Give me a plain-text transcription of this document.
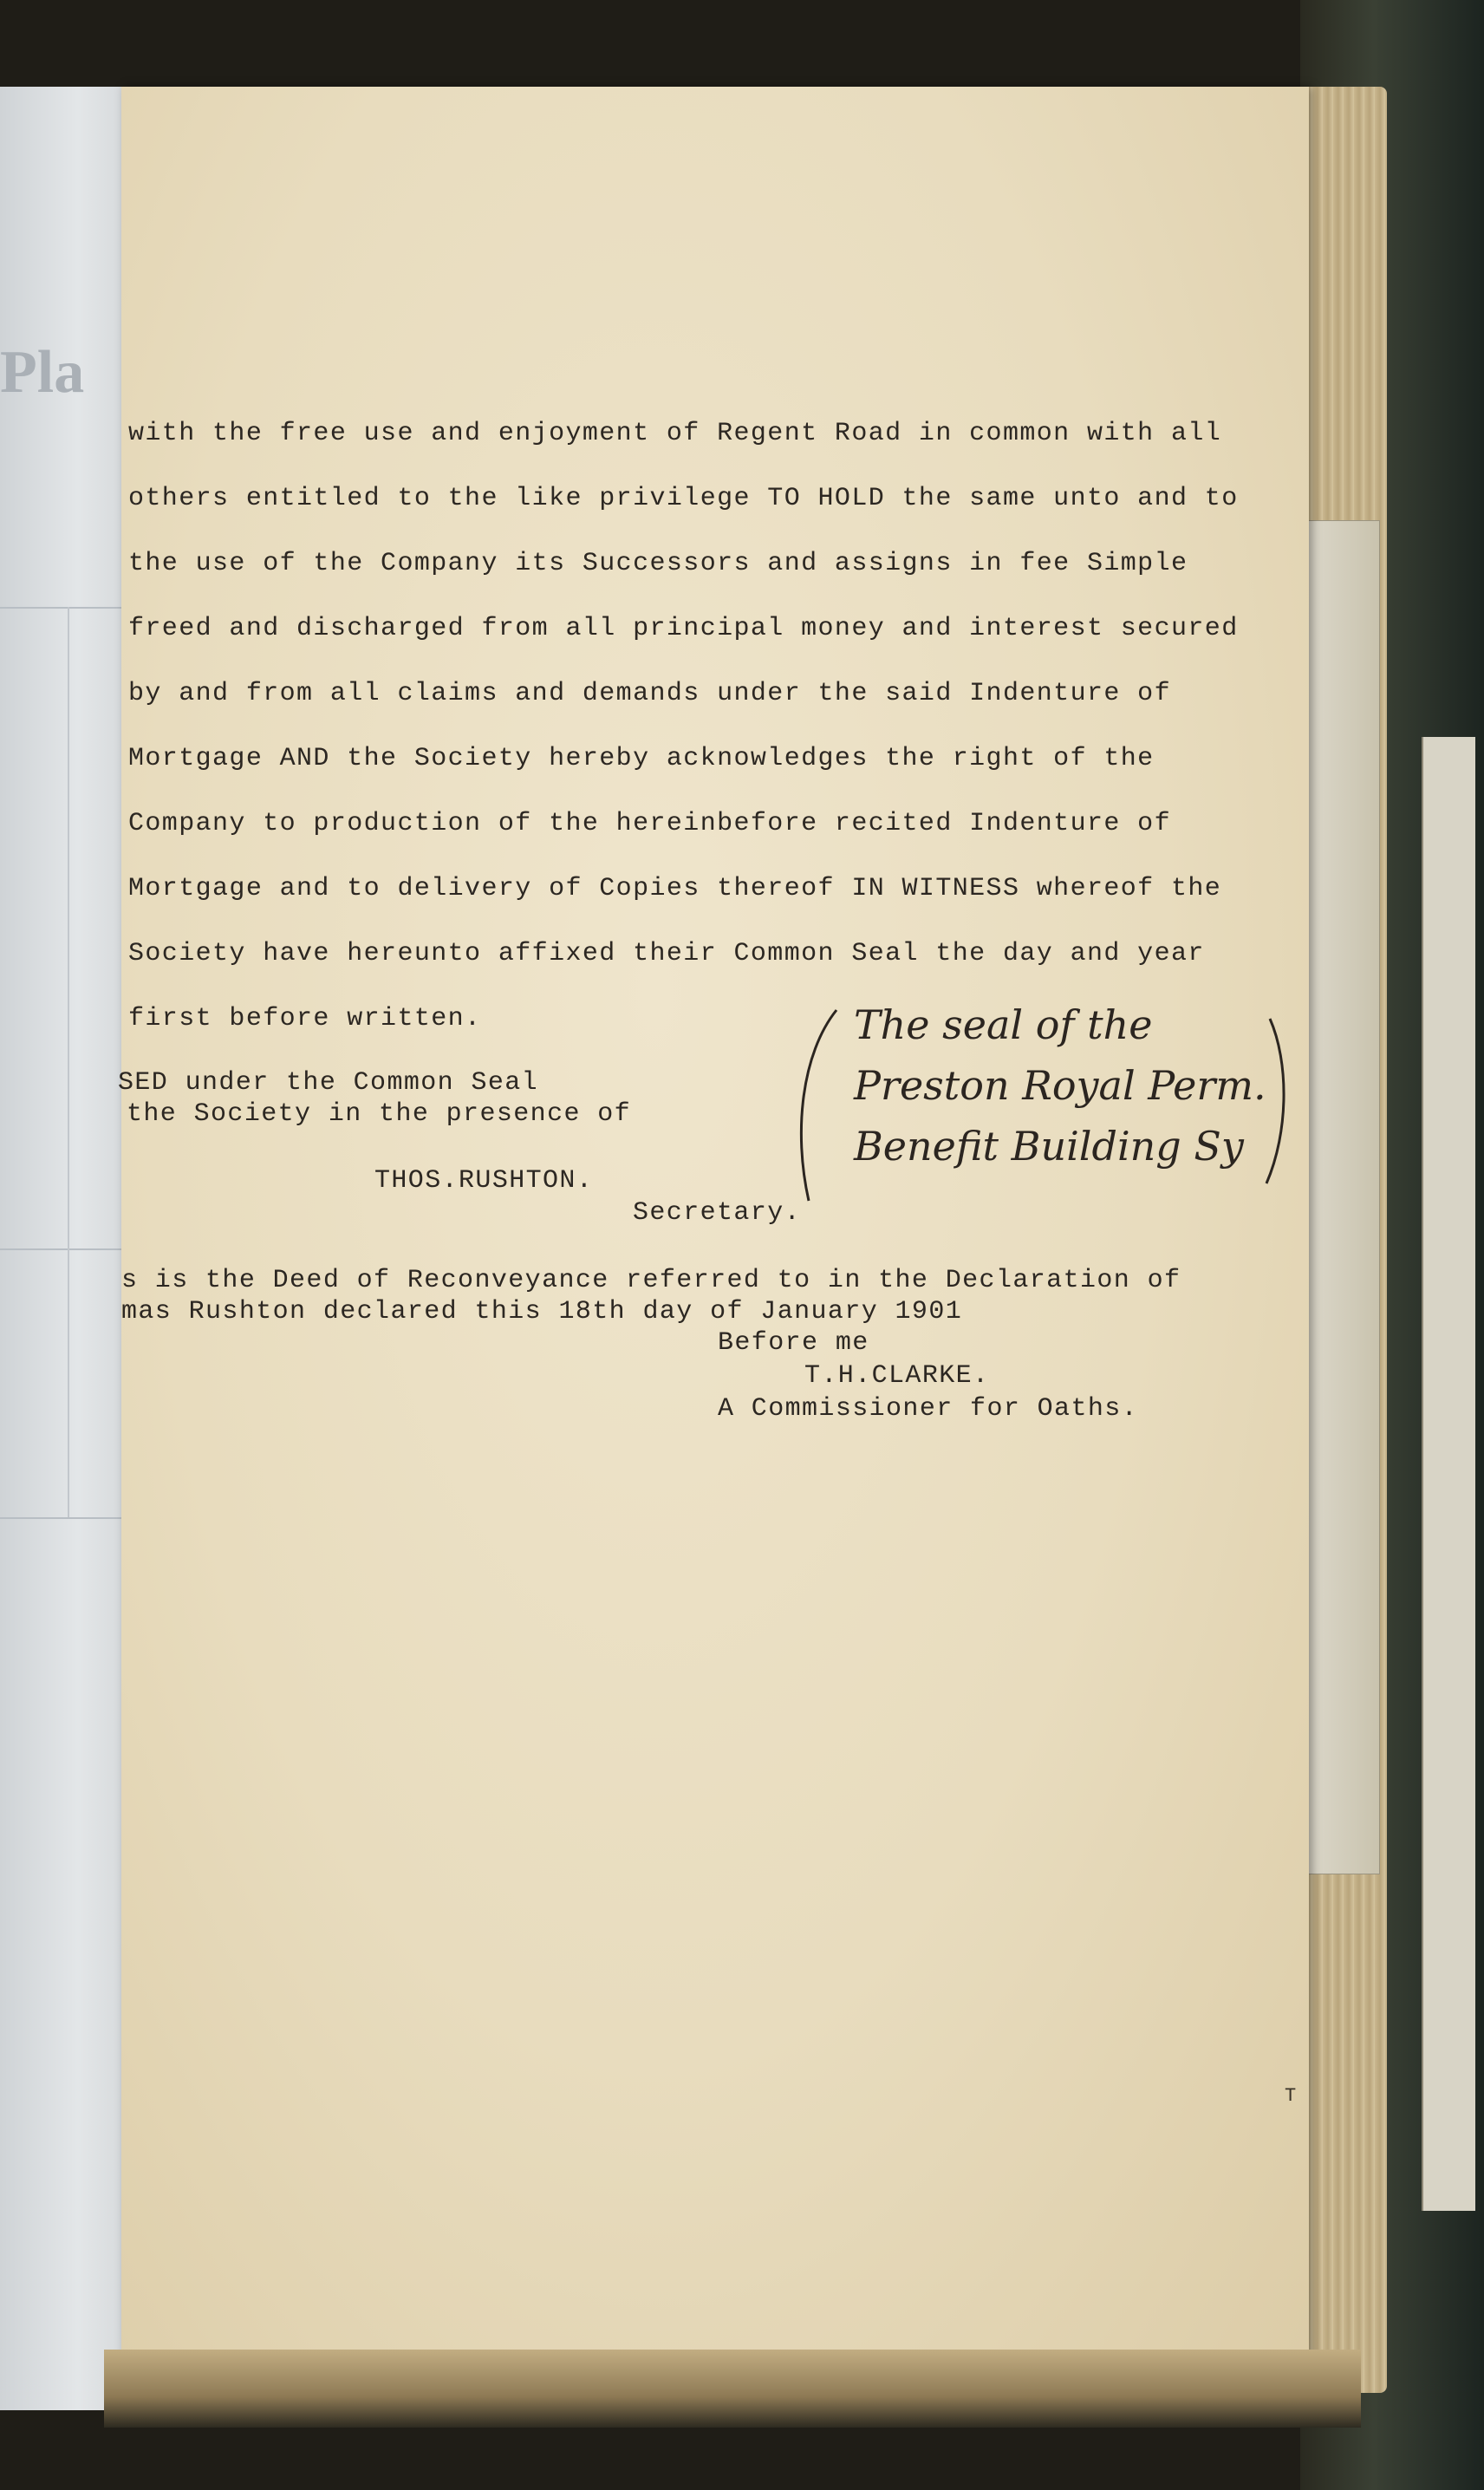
Pla
with the free use and enjoyment of Regent Road in common with all
others entitled to the like privilege TO HOLD the same unto and to
the use of the Company its Successors and assigns in fee Simple
freed and discharged from all principal money and interest secured
by and from all claims and demands under the said Indenture of
Mortgage AND the Society hereby acknowledges the right of the
Company to production of the hereinbefore recited Indenture of
Mortgage and to delivery of Copies thereof IN WITNESS whereof the
Society have hereunto affixed their Common Seal the day and year
first before written.
SED under the Common Seal
the Society in the presence of
THOS.RUSHTON.
Secretary.
The seal of the
Preston Royal Perm.
Benefit Building Sy
s is the Deed of Reconveyance referred to in the Declaration of
mas Rushton declared this 18th day of January 1901
Before me
T.H.CLARKE.
A Commissioner for Oaths.
T
